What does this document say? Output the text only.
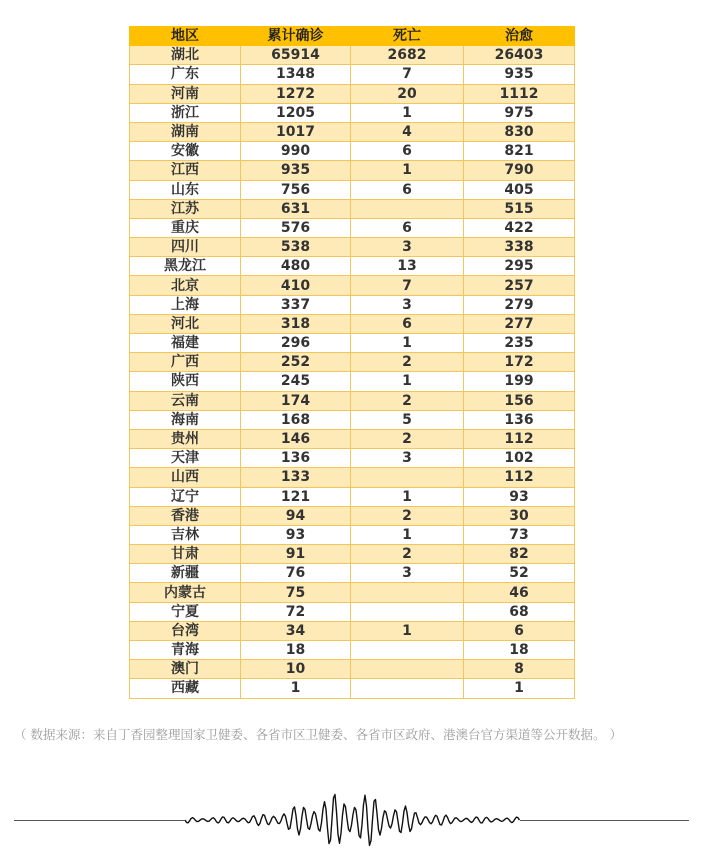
地区	累计确诊	死亡	治愈
湖北	65914	2682	26403
广东	1348	7	935
河南	1272	20	1112
浙江	1205	1	975
湖南	1017	4	830
安徽	990	6	821
江西	935	1	790
山东	756	6	405
江苏	631		515
重庆	576	6	422
四川	538	3	338
黑龙江	480	13	295
北京	410	7	257
上海	337	3	279
河北	318	6	277
福建	296	1	235
广西	252	2	172
陕西	245	1	199
云南	174	2	156
海南	168	5	136
贵州	146	2	112
天津	136	3	102
山西	133		112
辽宁	121	1	93
香港	94	2	30
吉林	93	1	73
甘肃	91	2	82
新疆	76	3	52
内蒙古	75		46
宁夏	72		68
台湾	34	1	6
青海	18		18
澳门	10		8
西藏	1		1

（ 数据来源：来自丁香园整理国家卫健委、各省市区卫健委、各省市区政府、港澳台官方渠道等公开数据。 ）
